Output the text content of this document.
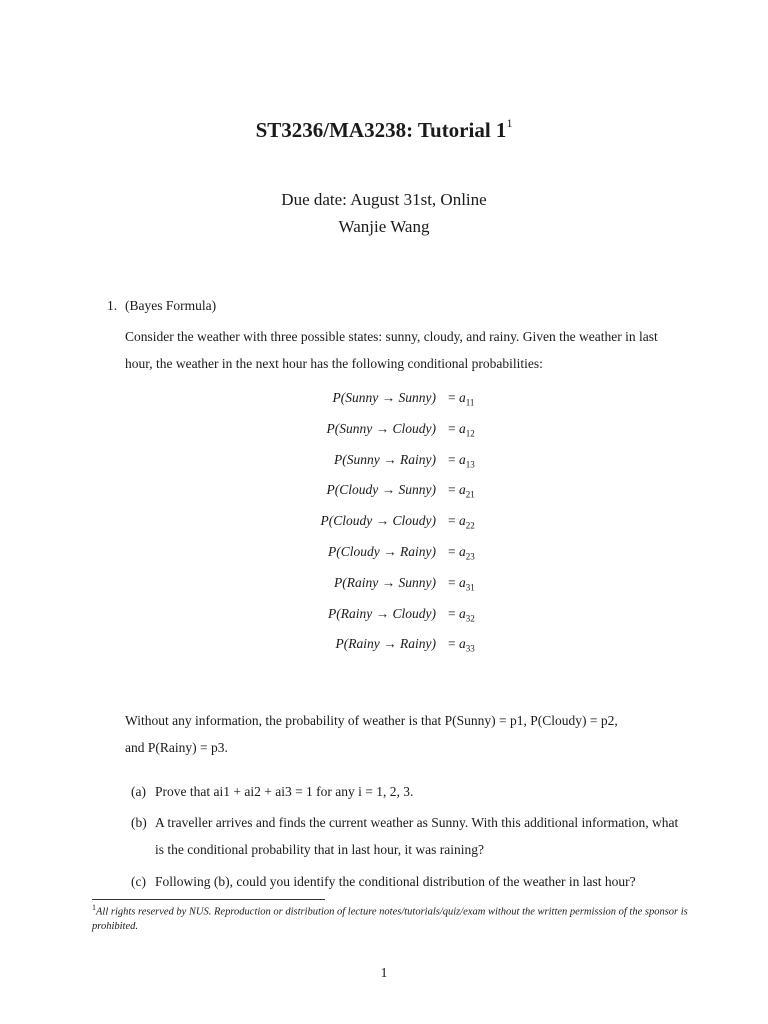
ST3236/MA3238: Tutorial $1^1$
Due date: August 31st, Online
Wanjie Wang
1. (Bayes Formula)
Consider the weather with three possible states: sunny, cloudy, and rainy. Given the weather in last hour, the weather in the next hour has the following conditional probabilities:
P(Sunny → Sunny) = $a_{11}$
P(Sunny → Cloudy) = $a_{12}$
P(Sunny → Rainy) = $a_{13}$
P(Cloudy → Sunny) = $a_{21}$
P(Cloudy → Cloudy) = $a_{22}$
P(Cloudy → Rainy) = $a_{23}$
P(Rainy → Sunny) = $a_{31}$
P(Rainy → Cloudy) = $a_{32}$
P(Rainy → Rainy) = $a_{33}$
Without any information, the probability of weather is that P(Sunny) = p1, P(Cloudy) = p2,
and P(Rainy) = p3.
(a) Prove that ai1 + ai2 + ai3 = 1 for any i = 1, 2, 3.
(b) A traveller arrives and finds the current weather as Sunny. With this additional information, what is the conditional probability that in last hour, it was raining?
(c) Following (b), could you identify the conditional distribution of the weather in last hour?
$^1$All rights reserved by NUS. Reproduction or distribution of lecture notes/tutorials/quiz/exam without the written permission of the sponsor is prohibited.
1
